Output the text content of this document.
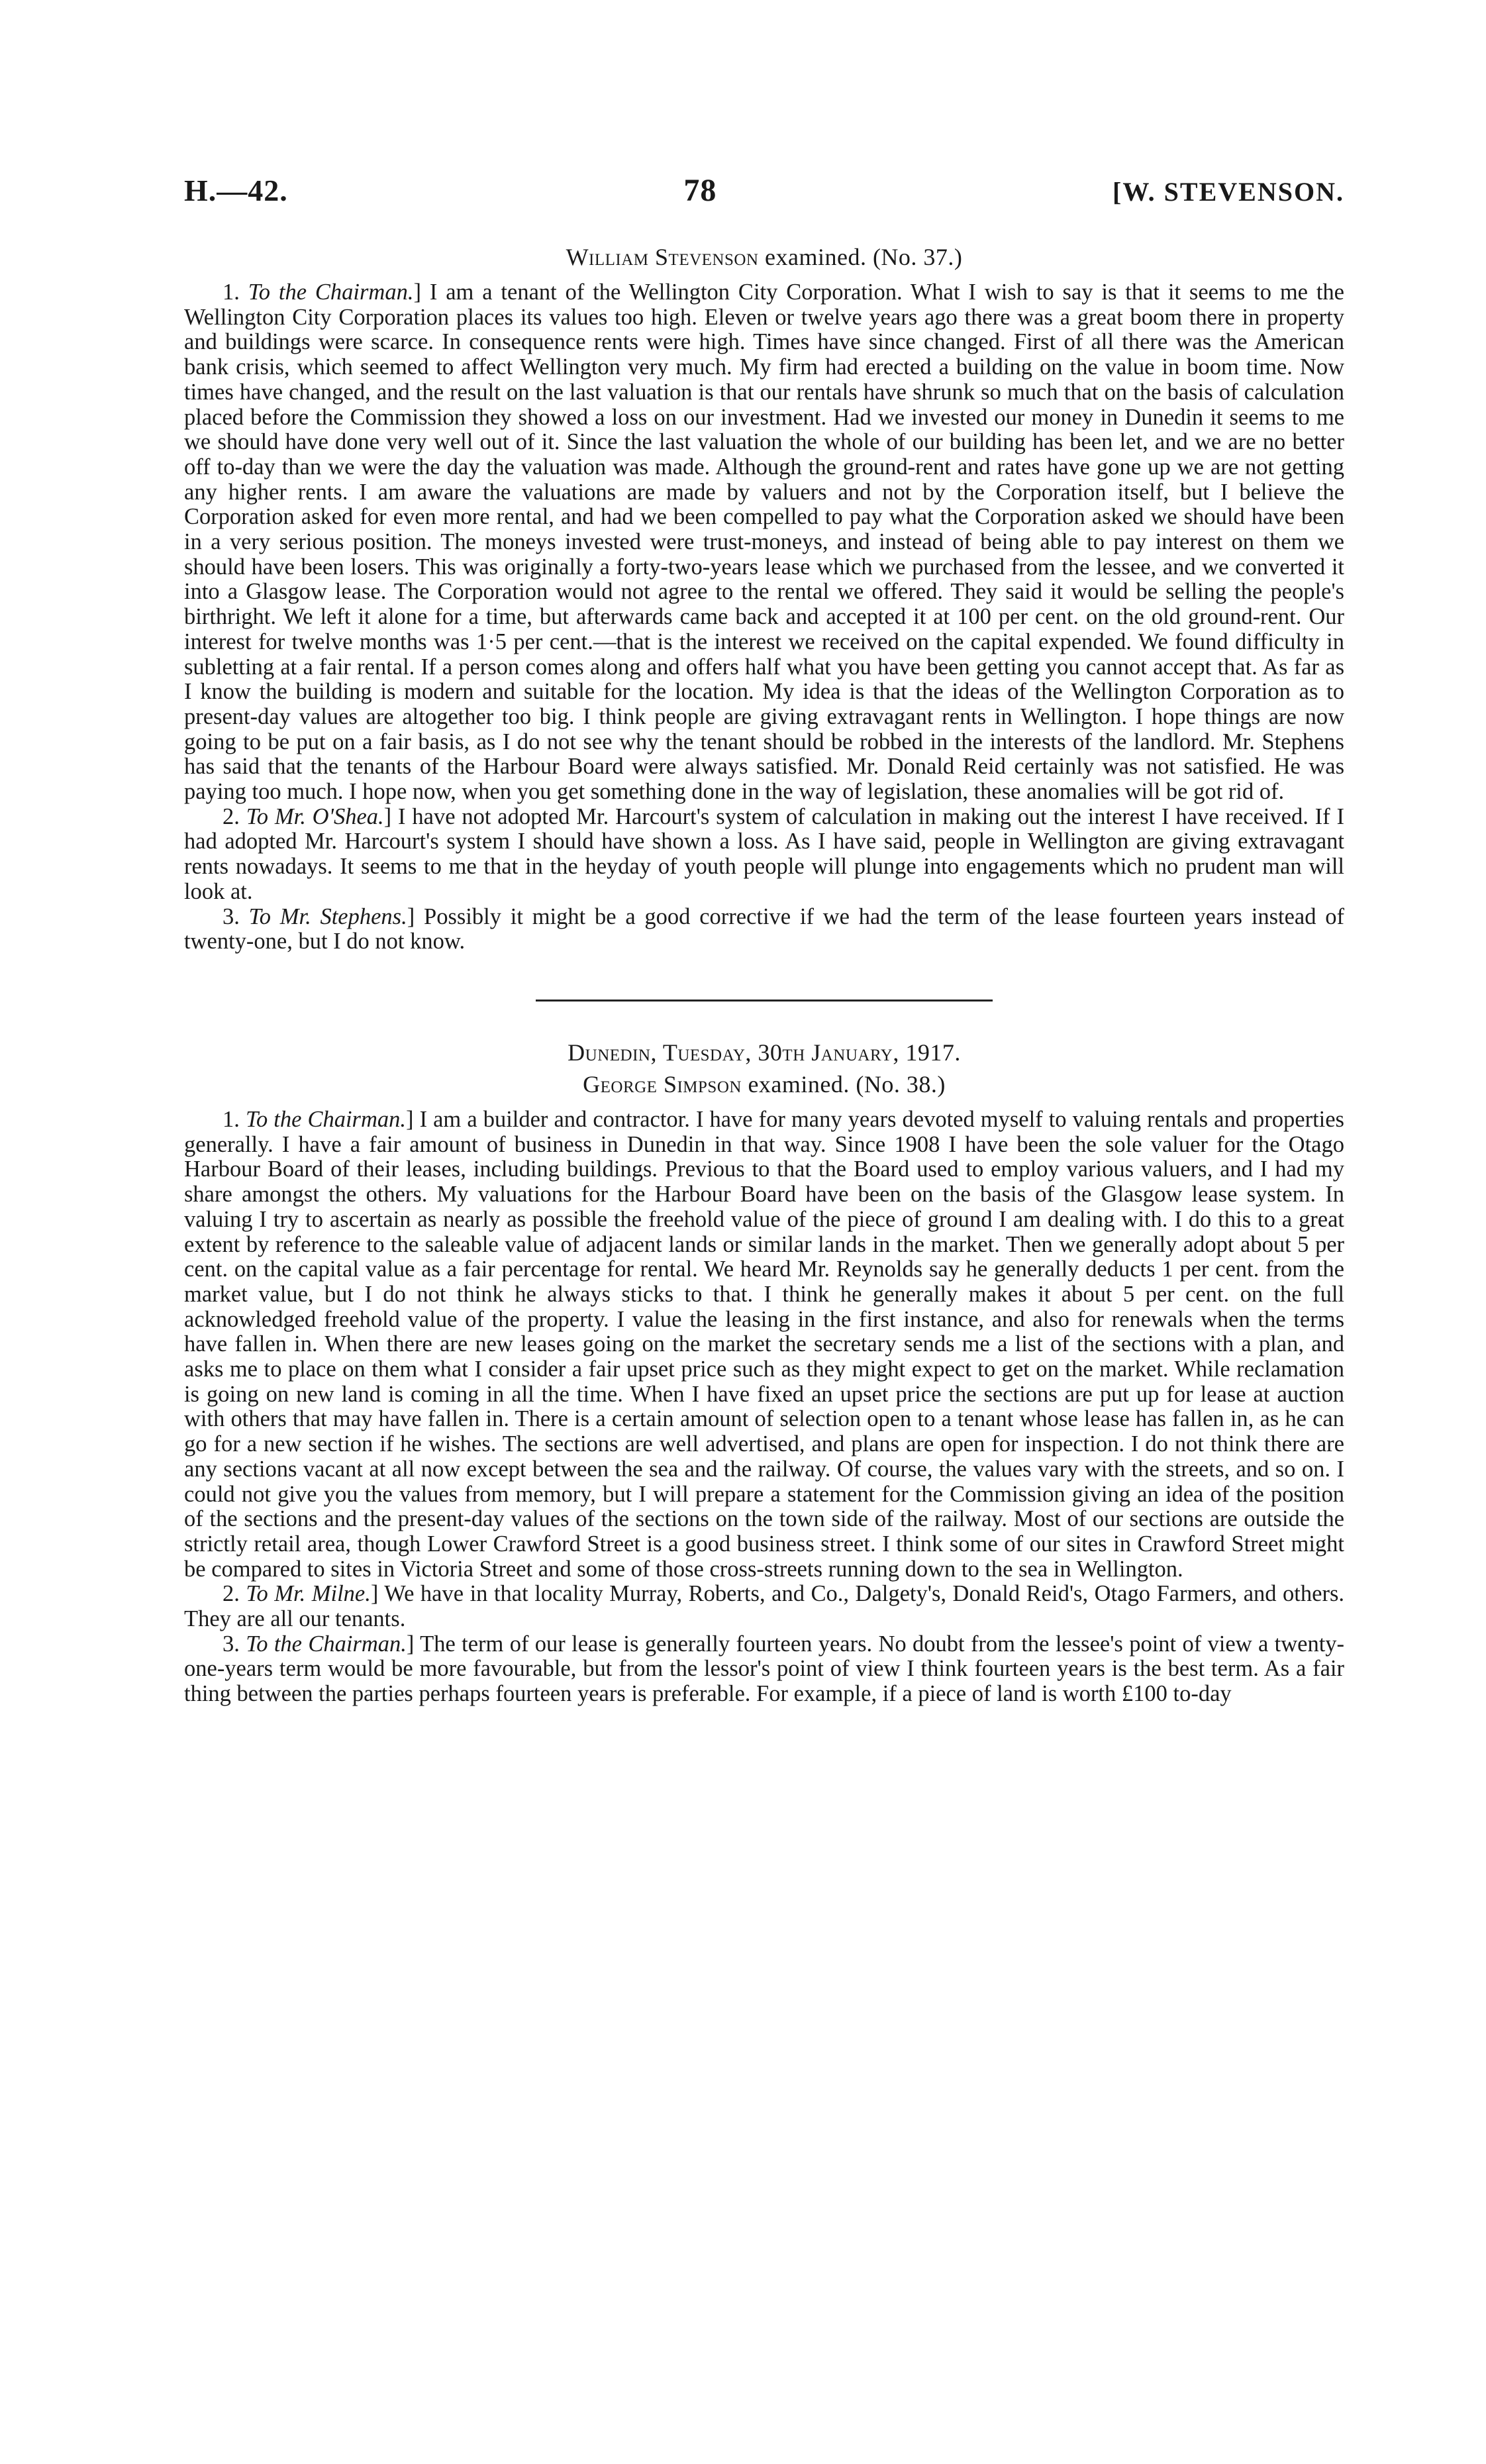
H.—42.	78	[W. STEVENSON.
William Stevenson examined. (No. 37.)

1. To the Chairman.] I am a tenant of the Wellington City Corporation. What I wish to say is that it seems to me the Wellington City Corporation places its values too high. Eleven or twelve years ago there was a great boom there in property and buildings were scarce. In consequence rents were high. Times have since changed. First of all there was the American bank crisis, which seemed to affect Wellington very much. My firm had erected a building on the value in boom time. Now times have changed, and the result on the last valuation is that our rentals have shrunk so much that on the basis of calculation placed before the Commission they showed a loss on our investment. Had we invested our money in Dunedin it seems to me we should have done very well out of it. Since the last valuation the whole of our building has been let, and we are no better off to-day than we were the day the valuation was made. Although the ground-rent and rates have gone up we are not getting any higher rents. I am aware the valuations are made by valuers and not by the Corporation itself, but I believe the Corporation asked for even more rental, and had we been compelled to pay what the Corporation asked we should have been in a very serious position. The moneys invested were trust-moneys, and instead of being able to pay interest on them we should have been losers. This was originally a forty-two-years lease which we purchased from the lessee, and we converted it into a Glasgow lease. The Corporation would not agree to the rental we offered. They said it would be selling the people's birthright. We left it alone for a time, but afterwards came back and accepted it at 100 per cent. on the old ground-rent. Our interest for twelve months was 1·5 per cent.—that is the interest we received on the capital expended. We found difficulty in subletting at a fair rental. If a person comes along and offers half what you have been getting you cannot accept that. As far as I know the building is modern and suitable for the location. My idea is that the ideas of the Wellington Corporation as to present-day values are altogether too big. I think people are giving extravagant rents in Wellington. I hope things are now going to be put on a fair basis, as I do not see why the tenant should be robbed in the interests of the landlord. Mr. Stephens has said that the tenants of the Harbour Board were always satisfied. Mr. Donald Reid certainly was not satisfied. He was paying too much. I hope now, when you get something done in the way of legislation, these anomalies will be got rid of.

2. To Mr. O'Shea.] I have not adopted Mr. Harcourt's system of calculation in making out the interest I have received. If I had adopted Mr. Harcourt's system I should have shown a loss. As I have said, people in Wellington are giving extravagant rents nowadays. It seems to me that in the heyday of youth people will plunge into engagements which no prudent man will look at.

3. To Mr. Stephens.] Possibly it might be a good corrective if we had the term of the lease fourteen years instead of twenty-one, but I do not know.

Dunedin, Tuesday, 30th January, 1917.
George Simpson examined. (No. 38.)

1. To the Chairman.] I am a builder and contractor. I have for many years devoted myself to valuing rentals and properties generally. I have a fair amount of business in Dunedin in that way. Since 1908 I have been the sole valuer for the Otago Harbour Board of their leases, including buildings. Previous to that the Board used to employ various valuers, and I had my share amongst the others. My valuations for the Harbour Board have been on the basis of the Glasgow lease system. In valuing I try to ascertain as nearly as possible the freehold value of the piece of ground I am dealing with. I do this to a great extent by reference to the saleable value of adjacent lands or similar lands in the market. Then we generally adopt about 5 per cent. on the capital value as a fair percentage for rental. We heard Mr. Reynolds say he generally deducts 1 per cent. from the market value, but I do not think he always sticks to that. I think he generally makes it about 5 per cent. on the full acknowledged freehold value of the property. I value the leasing in the first instance, and also for renewals when the terms have fallen in. When there are new leases going on the market the secretary sends me a list of the sections with a plan, and asks me to place on them what I consider a fair upset price such as they might expect to get on the market. While reclamation is going on new land is coming in all the time. When I have fixed an upset price the sections are put up for lease at auction with others that may have fallen in. There is a certain amount of selection open to a tenant whose lease has fallen in, as he can go for a new section if he wishes. The sections are well advertised, and plans are open for inspection. I do not think there are any sections vacant at all now except between the sea and the railway. Of course, the values vary with the streets, and so on. I could not give you the values from memory, but I will prepare a statement for the Commission giving an idea of the position of the sections and the present-day values of the sections on the town side of the railway. Most of our sections are outside the strictly retail area, though Lower Crawford Street is a good business street. I think some of our sites in Crawford Street might be compared to sites in Victoria Street and some of those cross-streets running down to the sea in Wellington.

2. To Mr. Milne.] We have in that locality Murray, Roberts, and Co., Dalgety's, Donald Reid's, Otago Farmers, and others. They are all our tenants.

3. To the Chairman.] The term of our lease is generally fourteen years. No doubt from the lessee's point of view a twenty-one-years term would be more favourable, but from the lessor's point of view I think fourteen years is the best term. As a fair thing between the parties perhaps fourteen years is preferable. For example, if a piece of land is worth £100 to-day
